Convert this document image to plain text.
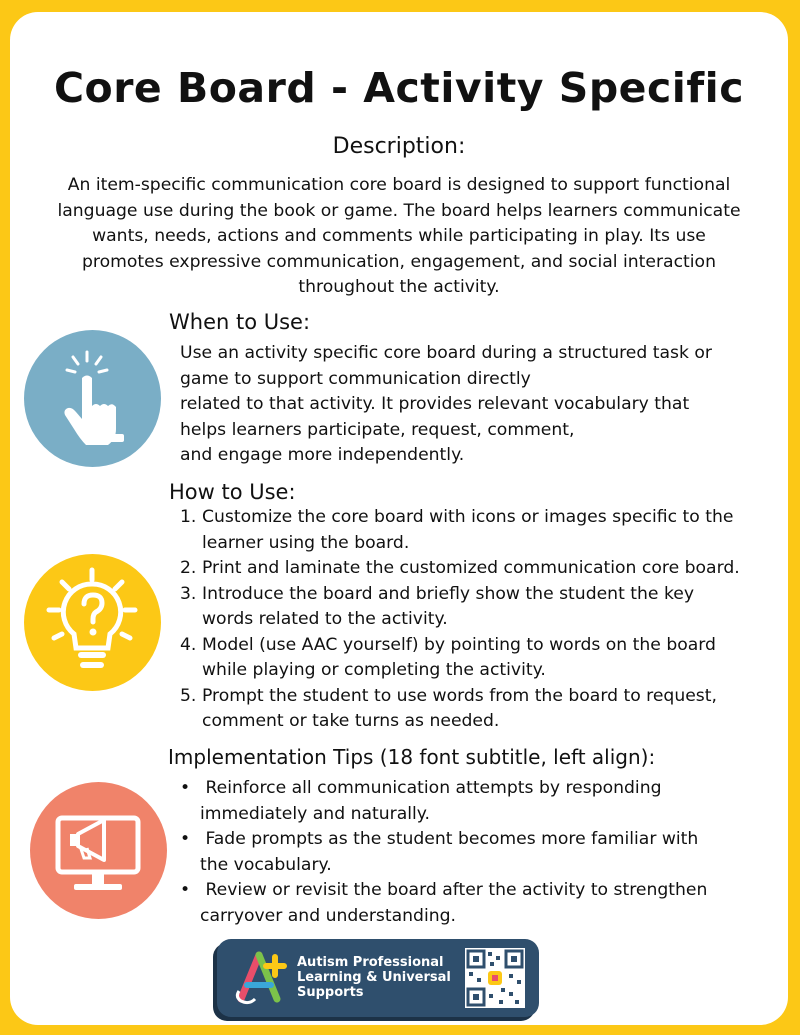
Core Board - Activity Specific
Description:
An item-specific communication core board is designed to support functional
language use during the book or game. The board helps learners communicate
wants, needs, actions and comments while participating in play. Its use
promotes expressive communication, engagement, and social interaction
throughout the activity.
When to Use:
Use an activity specific core board during a structured task or
game to support communication directly
related to that activity. It provides relevant vocabulary that
helps learners participate, request, comment,
and engage more independently.
How to Use:
1. Customize the core board with icons or images specific to the
learner using the board.
2. Print and laminate the customized communication core board.
3. Introduce the board and briefly show the student the key
words related to the activity.
4. Model (use AAC yourself) by pointing to words on the board
while playing or completing the activity.
5. Prompt the student to use words from the board to request,
comment or take turns as needed.
Implementation Tips (18 font subtitle, left align):
• Reinforce all communication attempts by responding
immediately and naturally.
• Fade prompts as the student becomes more familiar with
the vocabulary.
• Review or revisit the board after the activity to strengthen
carryover and understanding.
Autism Professional
Learning & Universal
Supports
